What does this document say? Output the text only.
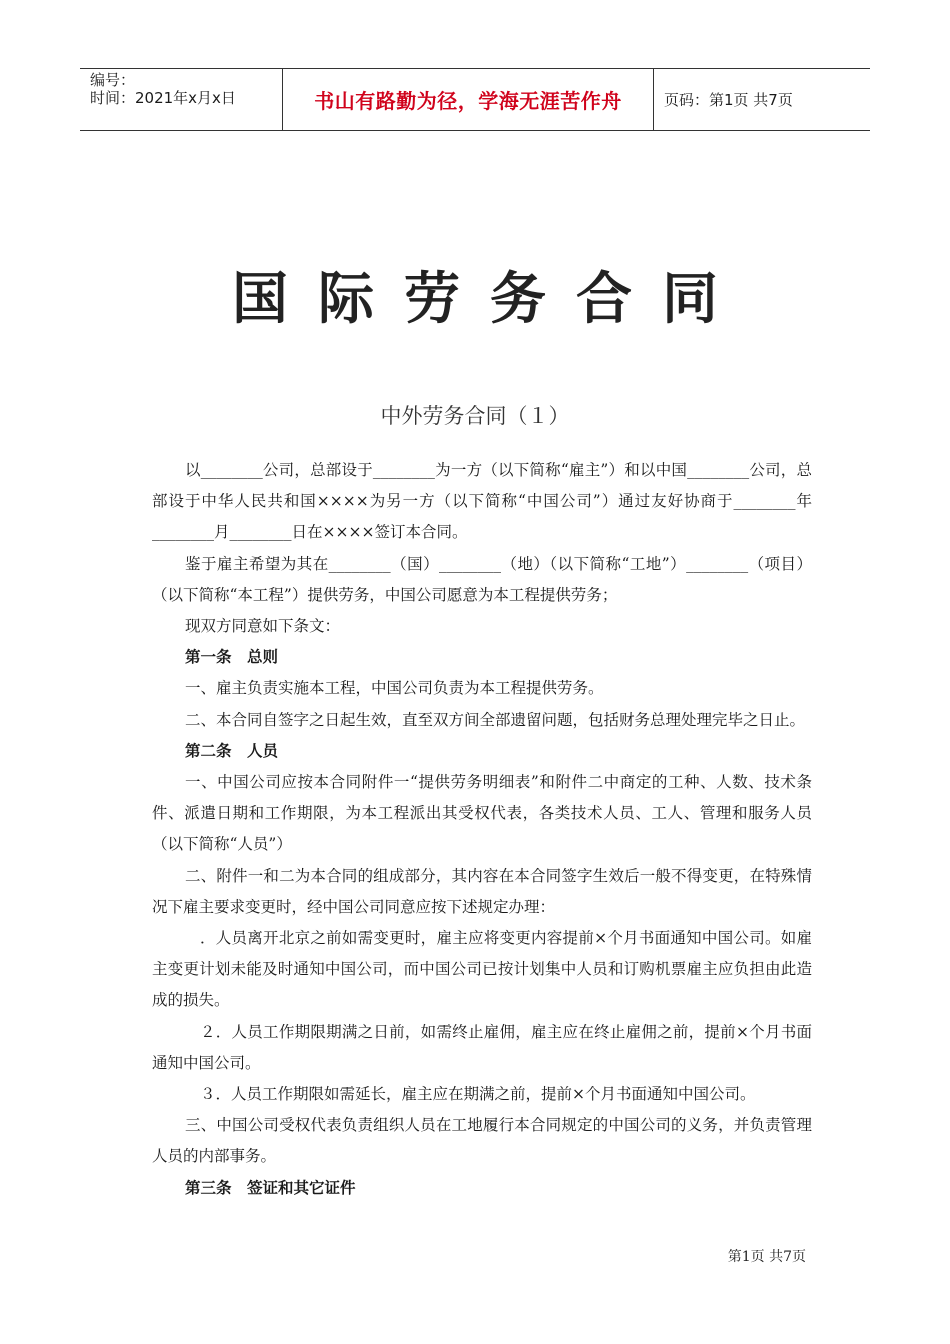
编号：
时间：2021年x月x日	书山有路勤为径，学海无涯苦作舟	页码：第1页 共7页
国际劳务合同
中外劳务合同（１）

以________公司，总部设于________为一方（以下简称“雇主”）和以中国________公司，总部设于中华人民共和国××××为另一方（以下简称“中国公司”）通过友好协商于________年________月________日在××××签订本合同。

鉴于雇主希望为其在________（国）________（地）（以下简称“工地”）________（项目）（以下简称“本工程”）提供劳务，中国公司愿意为本工程提供劳务；

现双方同意如下条文：

第一条　总则

一、雇主负责实施本工程，中国公司负责为本工程提供劳务。

二、本合同自签字之日起生效，直至双方间全部遗留问题，包括财务总理处理完毕之日止。

第二条　人员

一、中国公司应按本合同附件一“提供劳务明细表”和附件二中商定的工种、人数、技术条件、派遣日期和工作期限，为本工程派出其受权代表，各类技术人员、工人、管理和服务人员（以下简称“人员”）

二、附件一和二为本合同的组成部分，其内容在本合同签字生效后一般不得变更，在特殊情况下雇主要求变更时，经中国公司同意应按下述规定办理：

．人员离开北京之前如需变更时，雇主应将变更内容提前×个月书面通知中国公司。如雇主变更计划未能及时通知中国公司，而中国公司已按计划集中人员和订购机票雇主应负担由此造成的损失。

２．人员工作期限期满之日前，如需终止雇佣，雇主应在终止雇佣之前，提前×个月书面通知中国公司。

３．人员工作期限如需延长，雇主应在期满之前，提前×个月书面通知中国公司。

三、中国公司受权代表负责组织人员在工地履行本合同规定的中国公司的义务，并负责管理人员的内部事务。

第三条　签证和其它证件

第1页 共7页
